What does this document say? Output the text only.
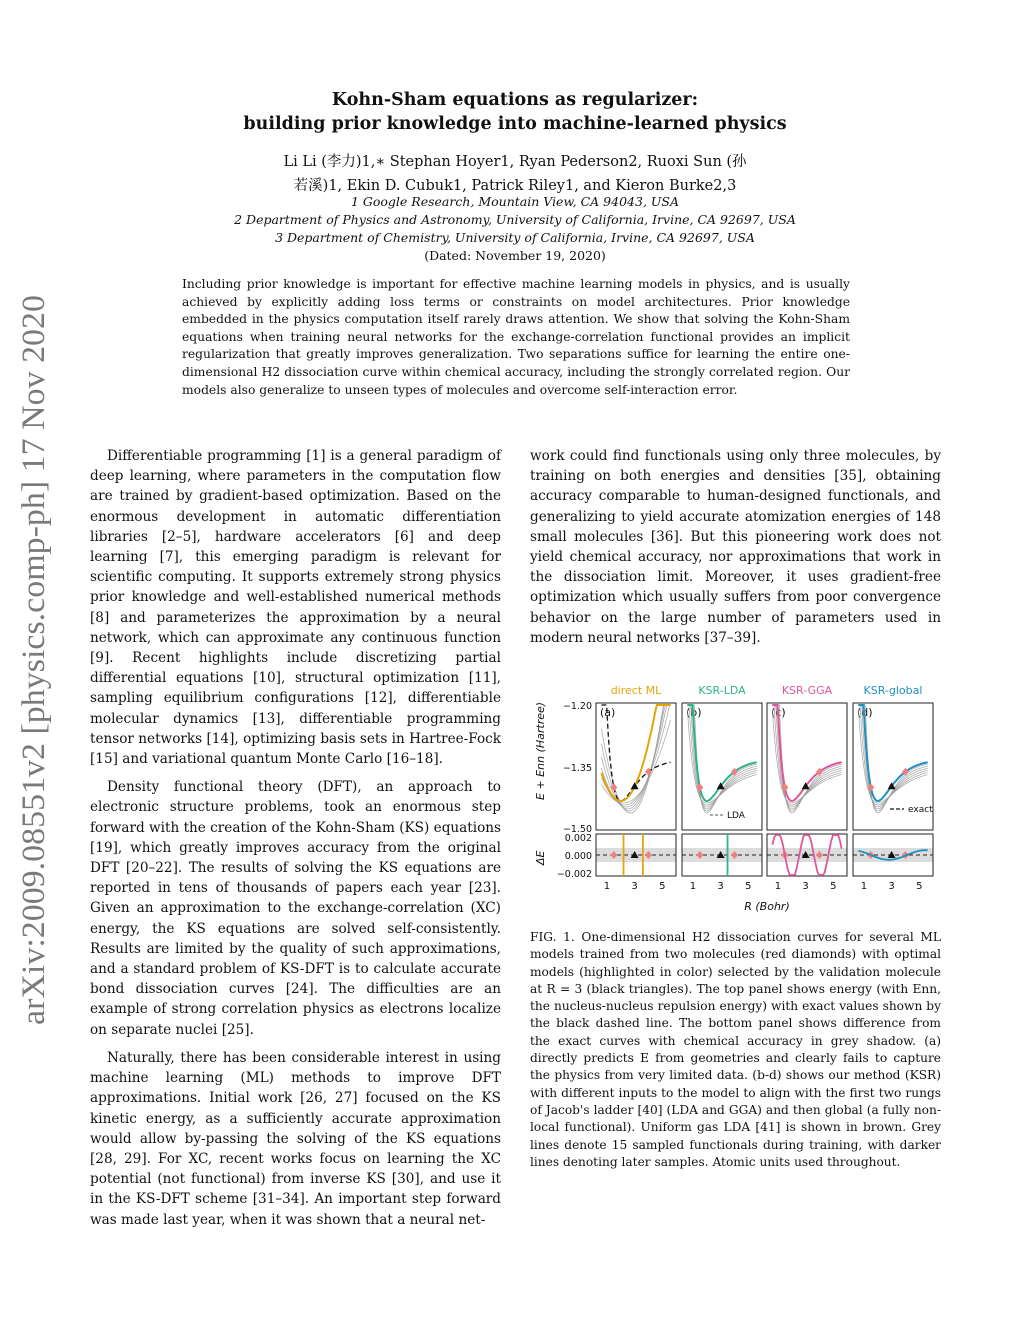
arXiv:2009.08551v2 [physics.comp-ph] 17 Nov 2020
Kohn-Sham equations as regularizer:
building prior knowledge into machine-learned physics
Li Li (李力)1,∗ Stephan Hoyer1, Ryan Pederson2, Ruoxi Sun (孙
若溪)1, Ekin D. Cubuk1, Patrick Riley1, and Kieron Burke2,3
1 Google Research, Mountain View, CA 94043, USA
2 Department of Physics and Astronomy, University of California, Irvine, CA 92697, USA
3 Department of Chemistry, University of California, Irvine, CA 92697, USA
(Dated: November 19, 2020)
Including prior knowledge is important for effective machine learning models in physics, and is usually achieved by explicitly adding loss terms or constraints on model architectures. Prior knowledge embedded in the physics computation itself rarely draws attention. We show that solving the Kohn-Sham equations when training neural networks for the exchange-correlation functional provides an implicit regularization that greatly improves generalization. Two separations suffice for learning the entire one-dimensional H2 dissociation curve within chemical accuracy, including the strongly correlated region. Our models also generalize to unseen types of molecules and overcome self-interaction error.

Differentiable programming [1] is a general paradigm of deep learning, where parameters in the computation flow are trained by gradient-based optimization. Based on the enormous development in automatic differentiation libraries [2–5], hardware accelerators [6] and deep learning [7], this emerging paradigm is relevant for scientific computing. It supports extremely strong physics prior knowledge and well-established numerical methods [8] and parameterizes the approximation by a neural network, which can approximate any continuous function [9]. Recent highlights include discretizing partial differential equations [10], structural optimization [11], sampling equilibrium configurations [12], differentiable molecular dynamics [13], differentiable programming tensor networks [14], optimizing basis sets in Hartree-Fock [15] and variational quantum Monte Carlo [16–18].

Density functional theory (DFT), an approach to electronic structure problems, took an enormous step forward with the creation of the Kohn-Sham (KS) equations [19], which greatly improves accuracy from the original DFT [20–22]. The results of solving the KS equations are reported in tens of thousands of papers each year [23]. Given an approximation to the exchange-correlation (XC) energy, the KS equations are solved self-consistently. Results are limited by the quality of such approximations, and a standard problem of KS-DFT is to calculate accurate bond dissociation curves [24]. The difficulties are an example of strong correlation physics as electrons localize on separate nuclei [25].

Naturally, there has been considerable interest in using machine learning (ML) methods to improve DFT approximations. Initial work [26, 27] focused on the KS kinetic energy, as a sufficiently accurate approximation would allow by-passing the solving of the KS equations [28, 29]. For XC, recent works focus on learning the XC potential (not functional) from inverse KS [30], and use it in the KS-DFT scheme [31–34]. An important step forward was made last year, when it was shown that a neural net-

work could find functionals using only three molecules, by training on both energies and densities [35], obtaining accuracy comparable to human-designed functionals, and generalizing to yield accurate atomization energies of 148 small molecules [36]. But this pioneering work does not yield chemical accuracy, nor approximations that work in the dissociation limit. Moreover, it uses gradient-free optimization which usually suffers from poor convergence behavior on the large number of parameters used in modern neural networks [37–39].

direct ML	KSR-LDA	KSR-GGA	KSR-global
E + Enn (Hartree)
ΔE
−1.20
−1.35
−1.50
0.002
0.000
−0.002
(a)
1 3 5
(b)
1 3 5
(c)
1 3 5
(d)
1 3 5
LDA
exact
R (Bohr)
FIG. 1. One-dimensional H2 dissociation curves for several ML models trained from two molecules (red diamonds) with optimal models (highlighted in color) selected by the validation molecule at R = 3 (black triangles). The top panel shows energy (with Enn, the nucleus-nucleus repulsion energy) with exact values shown by the black dashed line. The bottom panel shows difference from the exact curves with chemical accuracy in grey shadow. (a) directly predicts E from geometries and clearly fails to capture the physics from very limited data. (b-d) shows our method (KSR) with different inputs to the model to align with the first two rungs of Jacob's ladder [40] (LDA and GGA) and then global (a fully non-local functional). Uniform gas LDA [41] is shown in brown. Grey lines denote 15 sampled functionals during training, with darker lines denoting later samples. Atomic units used throughout.
